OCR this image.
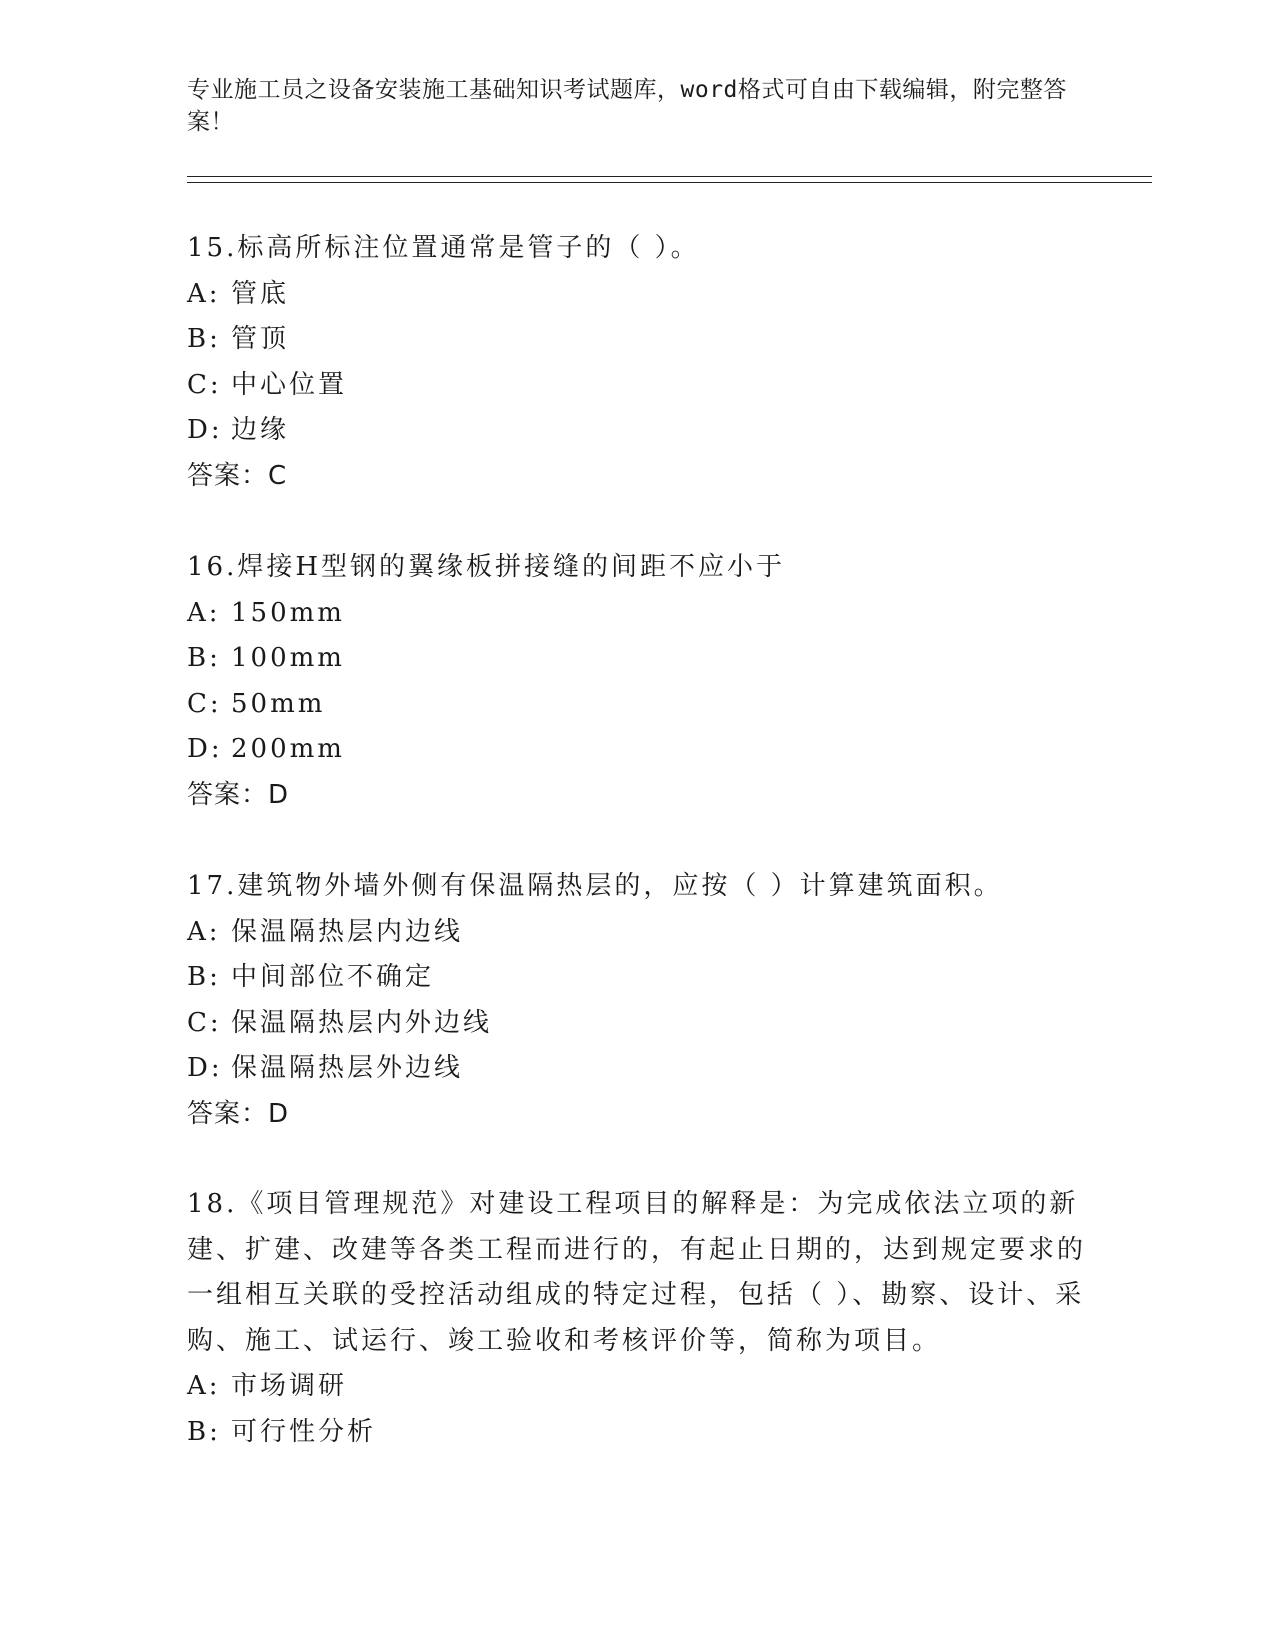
专业施工员之设备安装施工基础知识考试题库，word格式可自由下载编辑，附完整答案！
15.标高所标注位置通常是管子的（ ）。
A: 管底
B: 管顶
C: 中心位置
D: 边缘
答案：C
16.焊接H型钢的翼缘板拼接缝的间距不应小于
A: 150mm
B: 100mm
C: 50mm
D: 200mm
答案：D
17.建筑物外墙外侧有保温隔热层的，应按（ ）计算建筑面积。
A: 保温隔热层内边线
B: 中间部位不确定
C: 保温隔热层内外边线
D: 保温隔热层外边线
答案：D
18.《项目管理规范》对建设工程项目的解释是：为完成依法立项的新建、扩建、改建等各类工程而进行的，有起止日期的，达到规定要求的一组相互关联的受控活动组成的特定过程，包括（ ）、勘察、设计、采购、施工、试运行、竣工验收和考核评价等，简称为项目。
A: 市场调研
B: 可行性分析
